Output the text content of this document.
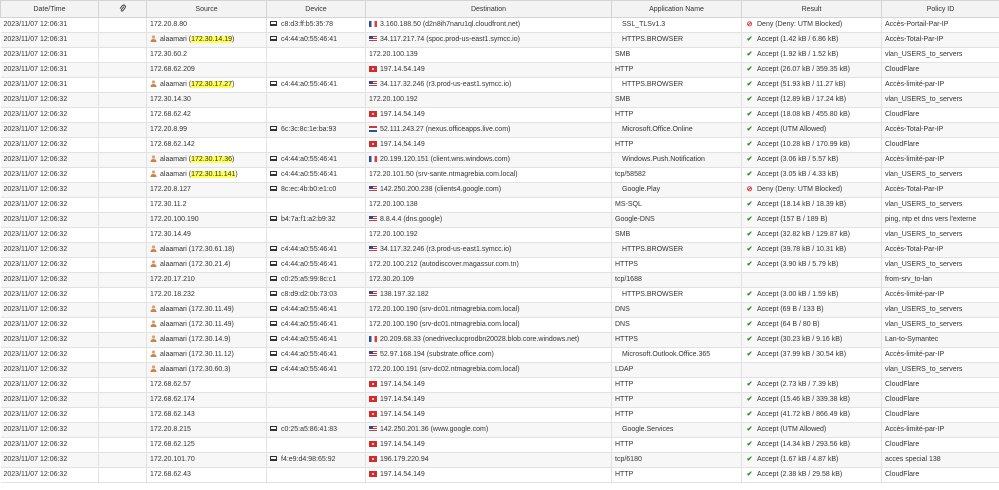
Date/Time		Source	Device	Destination	Application Name	Result	Policy ID
2023/11/07 12:06:31		172.20.8.80	c8:d3:ff:b5:35:78	3.160.188.50 (d2n8ih7naru1ql.cloudfront.net)	SSL_TLSv1.3	⊘ Deny (Deny: UTM Blocked)	Accès-Portail-Par-IP
2023/11/07 12:06:31		alaamari (172.30.14.19)	c4:44:a0:55:46:41	34.117.217.74 (spoc.prod-us-east1.symcc.io)	HTTPS.BROWSER	✔ Accept (1.42 kB / 6.86 kB)	Accès-Total-Par-IP
2023/11/07 12:06:31		172.30.60.2		172.20.100.139	SMB	✔ Accept (1.92 kB / 1.52 kB)	vlan_USERS_to_servers
2023/11/07 12:06:31		172.68.62.209		197.14.54.149	HTTP	✔ Accept (26.07 kB / 359.35 kB)	CloudFlare
2023/11/07 12:06:31		alaamari (172.30.17.27)	c4:44:a0:55:46:41	34.117.32.246 (r3.prod-us-east1.symcc.io)	HTTPS.BROWSER	✔ Accept (51.93 kB / 11.27 kB)	Accès-limité-par-IP
2023/11/07 12:06:32		172.30.14.30		172.20.100.192	SMB	✔ Accept (12.89 kB / 17.24 kB)	vlan_USERS_to_servers
2023/11/07 12:06:32		172.68.62.42		197.14.54.149	HTTP	✔ Accept (18.08 kB / 455.80 kB)	CloudFlare
2023/11/07 12:06:32		172.20.8.99	6c:3c:8c:1e:ba:93	52.111.243.27 (nexus.officeapps.live.com)	Microsoft.Office.Online	✔ Accept (UTM Allowed)	Accès-Total-Par-IP
2023/11/07 12:06:32		172.68.62.142		197.14.54.149	HTTP	✔ Accept (10.28 kB / 170.99 kB)	CloudFlare
2023/11/07 12:06:32		alaamari (172.30.17.36)	c4:44:a0:55:46:41	20.199.120.151 (client.wns.windows.com)	Windows.Push.Notification	✔ Accept (3.06 kB / 5.57 kB)	Accès-limité-par-IP
2023/11/07 12:06:32		alaamari (172.30.11.141)	c4:44:a0:55:46:41	172.20.101.50 (srv-sante.ntmagrebia.com.local)	tcp/58582	✔ Accept (3.05 kB / 4.33 kB)	vlan_USERS_to_servers
2023/11/07 12:06:32		172.20.8.127	8c:ec:4b:b0:e1:c0	142.250.200.238 (clients4.google.com)	Google.Play	⊘ Deny (Deny: UTM Blocked)	Accès-Total-Par-IP
2023/11/07 12:06:32		172.30.11.2		172.20.100.138	MS-SQL	✔ Accept (18.14 kB / 18.39 kB)	vlan_USERS_to_servers
2023/11/07 12:06:32		172.20.100.190	b4:7a:f1:a2:b9:32	8.8.4.4 (dns.google)	Google-DNS	✔ Accept (157 B / 189 B)	ping, ntp et dns vers l'externe
2023/11/07 12:06:32		172.30.14.49		172.20.100.192	SMB	✔ Accept (32.82 kB / 129.87 kB)	vlan_USERS_to_servers
2023/11/07 12:06:32		alaamari (172.30.61.18)	c4:44:a0:55:46:41	34.117.32.246 (r3.prod-us-east1.symcc.io)	HTTPS.BROWSER	✔ Accept (39.78 kB / 10.31 kB)	Accès-Total-Par-IP
2023/11/07 12:06:32		alaamari (172.30.21.4)	c4:44:a0:55:46:41	172.20.100.212 (autodiscover.magassur.com.tn)	HTTPS	✔ Accept (3.90 kB / 5.79 kB)	vlan_USERS_to_servers
2023/11/07 12:06:32		172.20.17.210	c0:25:a5:99:8c:c1	172.30.20.109	tcp/1688		from-srv_to-lan
2023/11/07 12:06:32		172.20.18.232	c8:d9:d2:0b:73:03	138.197.32.182	HTTPS.BROWSER	✔ Accept (3.00 kB / 1.59 kB)	Accès-limité-par-IP
2023/11/07 12:06:32		alaamari (172.30.11.49)	c4:44:a0:55:46:41	172.20.100.190 (srv-dc01.ntmagrebia.com.local)	DNS	✔ Accept (69 B / 133 B)	vlan_USERS_to_servers
2023/11/07 12:06:32		alaamari (172.30.11.49)	c4:44:a0:55:46:41	172.20.100.190 (srv-dc01.ntmagrebia.com.local)	DNS	✔ Accept (64 B / 80 B)	vlan_USERS_to_servers
2023/11/07 12:06:32		alaamari (172.30.14.9)	c4:44:a0:55:46:41	20.209.68.33 (onedriveclucprodbn20028.blob.core.windows.net)	HTTPS	✔ Accept (30.23 kB / 9.16 kB)	Lan-to-Symantec
2023/11/07 12:06:32		alaamari (172.30.11.12)	c4:44:a0:55:46:41	52.97.168.194 (substrate.office.com)	Microsoft.Outlook.Office.365	✔ Accept (37.99 kB / 30.54 kB)	Accès-limité-par-IP
2023/11/07 12:06:32		alaamari (172.30.60.3)	c4:44:a0:55:46:41	172.20.100.191 (srv-dc02.ntmagrebia.com.local)	LDAP		vlan_USERS_to_servers
2023/11/07 12:06:32		172.68.62.57		197.14.54.149	HTTP	✔ Accept (2.73 kB / 7.39 kB)	CloudFlare
2023/11/07 12:06:32		172.68.62.174		197.14.54.149	HTTP	✔ Accept (15.46 kB / 339.38 kB)	CloudFlare
2023/11/07 12:06:32		172.68.62.143		197.14.54.149	HTTP	✔ Accept (41.72 kB / 866.49 kB)	CloudFlare
2023/11/07 12:06:32		172.20.8.215	c0:25:a5:86:41:83	142.250.201.36 (www.google.com)	Google.Services	✔ Accept (UTM Allowed)	Accès-limité-par-IP
2023/11/07 12:06:32		172.68.62.125		197.14.54.149	HTTP	✔ Accept (14.34 kB / 293.56 kB)	CloudFlare
2023/11/07 12:06:32		172.20.101.70	f4:e9:d4:98:65:92	196.179.220.94	tcp/6180	✔ Accept (1.67 kB / 4.87 kB)	acces special 138
2023/11/07 12:06:32		172.68.62.43		197.14.54.149	HTTP	✔ Accept (2.38 kB / 29.58 kB)	CloudFlare
